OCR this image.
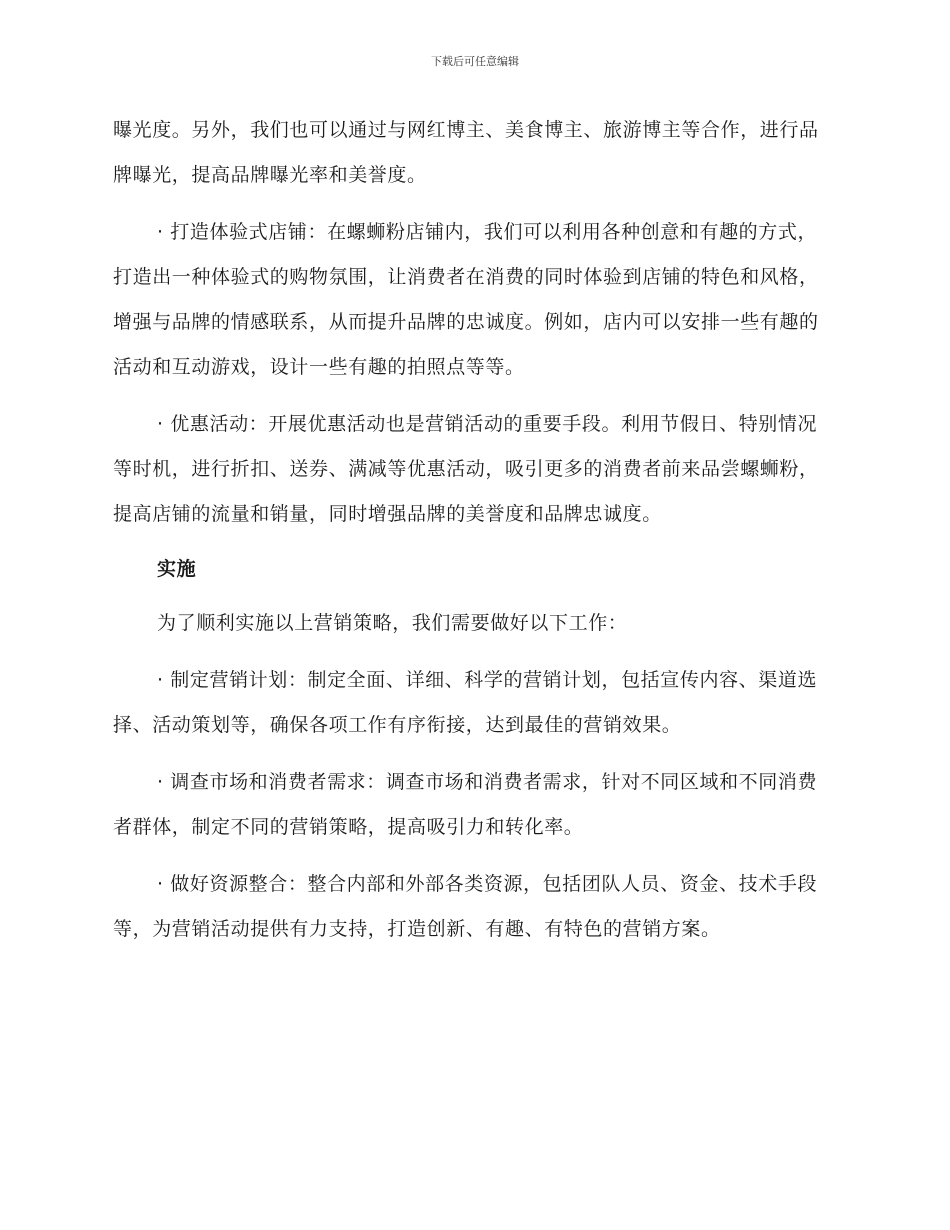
下载后可任意编辑

曝光度。另外，我们也可以通过与网红博主、美食博主、旅游博主等合作，进行品牌曝光，提高品牌曝光率和美誉度。

· 打造体验式店铺：在螺蛳粉店铺内，我们可以利用各种创意和有趣的方式，打造出一种体验式的购物氛围，让消费者在消费的同时体验到店铺的特色和风格，增强与品牌的情感联系，从而提升品牌的忠诚度。例如，店内可以安排一些有趣的活动和互动游戏，设计一些有趣的拍照点等等。

· 优惠活动：开展优惠活动也是营销活动的重要手段。利用节假日、特别情况等时机，进行折扣、送券、满减等优惠活动，吸引更多的消费者前来品尝螺蛳粉，提高店铺的流量和销量，同时增强品牌的美誉度和品牌忠诚度。

实施

为了顺利实施以上营销策略，我们需要做好以下工作：

· 制定营销计划：制定全面、详细、科学的营销计划，包括宣传内容、渠道选择、活动策划等，确保各项工作有序衔接，达到最佳的营销效果。

· 调查市场和消费者需求：调查市场和消费者需求，针对不同区域和不同消费者群体，制定不同的营销策略，提高吸引力和转化率。

· 做好资源整合：整合内部和外部各类资源，包括团队人员、资金、技术手段等，为营销活动提供有力支持，打造创新、有趣、有特色的营销方案。
